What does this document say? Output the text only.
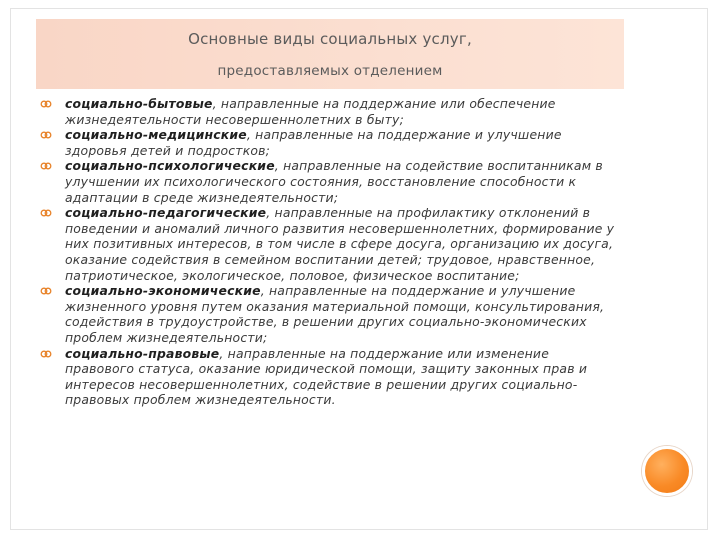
Основные виды социальных услуг,
предоставляемых отделением

социально-бытовые, направленные на поддержание или обеспечение жизнедеятельности несовершеннолетних в быту;

социально-медицинские, направленные на поддержание и улучшение здоровья детей и подростков;

социально-психологические, направленные на содействие воспитанникам в улучшении их психологического состояния, восстановление способности к адаптации в среде жизнедеятельности;

социально-педагогические, направленные на профилактику отклонений в поведении и аномалий личного развития несовершеннолетних, формирование у них позитивных интересов, в том числе в сфере досуга, организацию их досуга, оказание содействия в семейном воспитании детей; трудовое, нравственное, патриотическое, экологическое, половое, физическое воспитание;

социально-экономические, направленные на поддержание и улучшение жизненного уровня путем оказания материальной помощи, консультирования, содействия в трудоустройстве, в решении других социально-экономических проблем жизнедеятельности;

социально-правовые, направленные на поддержание или изменение правового статуса, оказание юридической помощи, защиту законных прав и интересов несовершеннолетних, содействие в решении других социально-правовых проблем жизнедеятельности.
